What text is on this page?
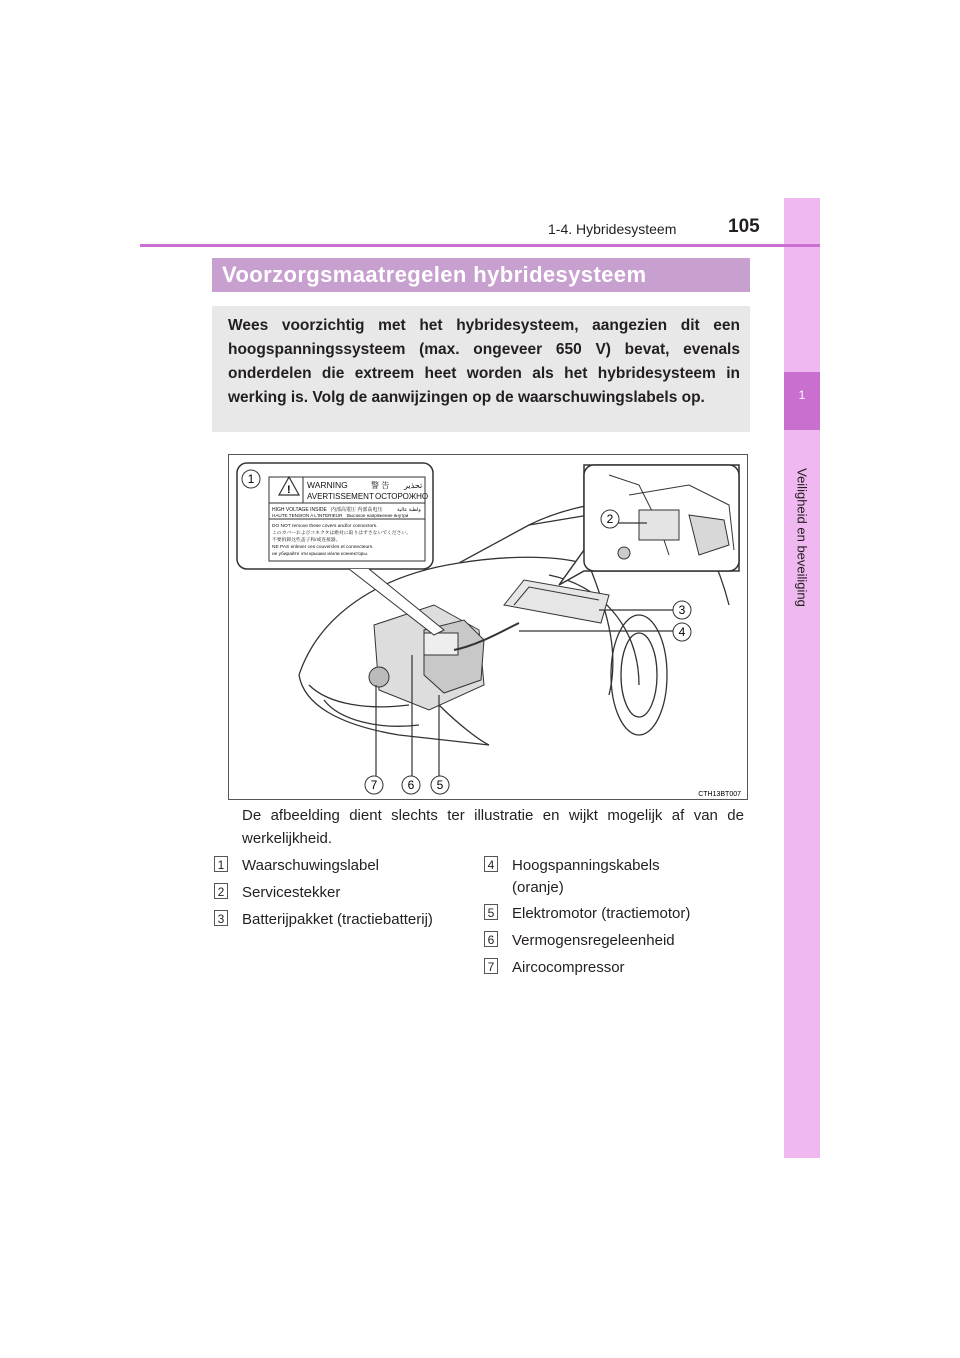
1
Veiligheid en beveiliging
1-4. Hybridesysteem	105
Voorzorgsmaatregelen hybridesysteem
Wees voorzichtig met het hybridesysteem, aangezien dit een hoogspanningssysteem (max. ongeveer 650 V) bevat, evenals onderdelen die extreem heet worden als het hybridesysteem in werking is. Volg de aanwijzingen op de waarschuwingslabels op.
! WARNING	警 告 تحذير
AVERTISSEMENT ОСТОРОЖНО
HIGH VOLTAGE INSIDE 内部高電圧 内部高电压	ولطبة عالية
HAUTE TENSION A L'INTERIEUR Высокое напряжение внутри
DO NOT remove these covers and/or connectors.
このカバーおよびコネクタは絶対に取りはずさないでください。
不要拆卸这些盖子和/或连接器。
NE PAS enlever ces couvercles et connecteurs.
не убирайте эти крышки и/или коннекторы.
1
2
3
4
5
6
7
CTH13BT007
De afbeelding dient slechts ter illustratie en wijkt mogelijk af van de werkelijkheid.
1 Waarschuwingslabel
2 Servicestekker
3 Batterijpakket (tractiebatterij)
4 Hoogspanningskabels
(oranje)
5 Elektromotor (tractiemotor)
6 Vermogensregeleenheid
7 Aircocompressor
